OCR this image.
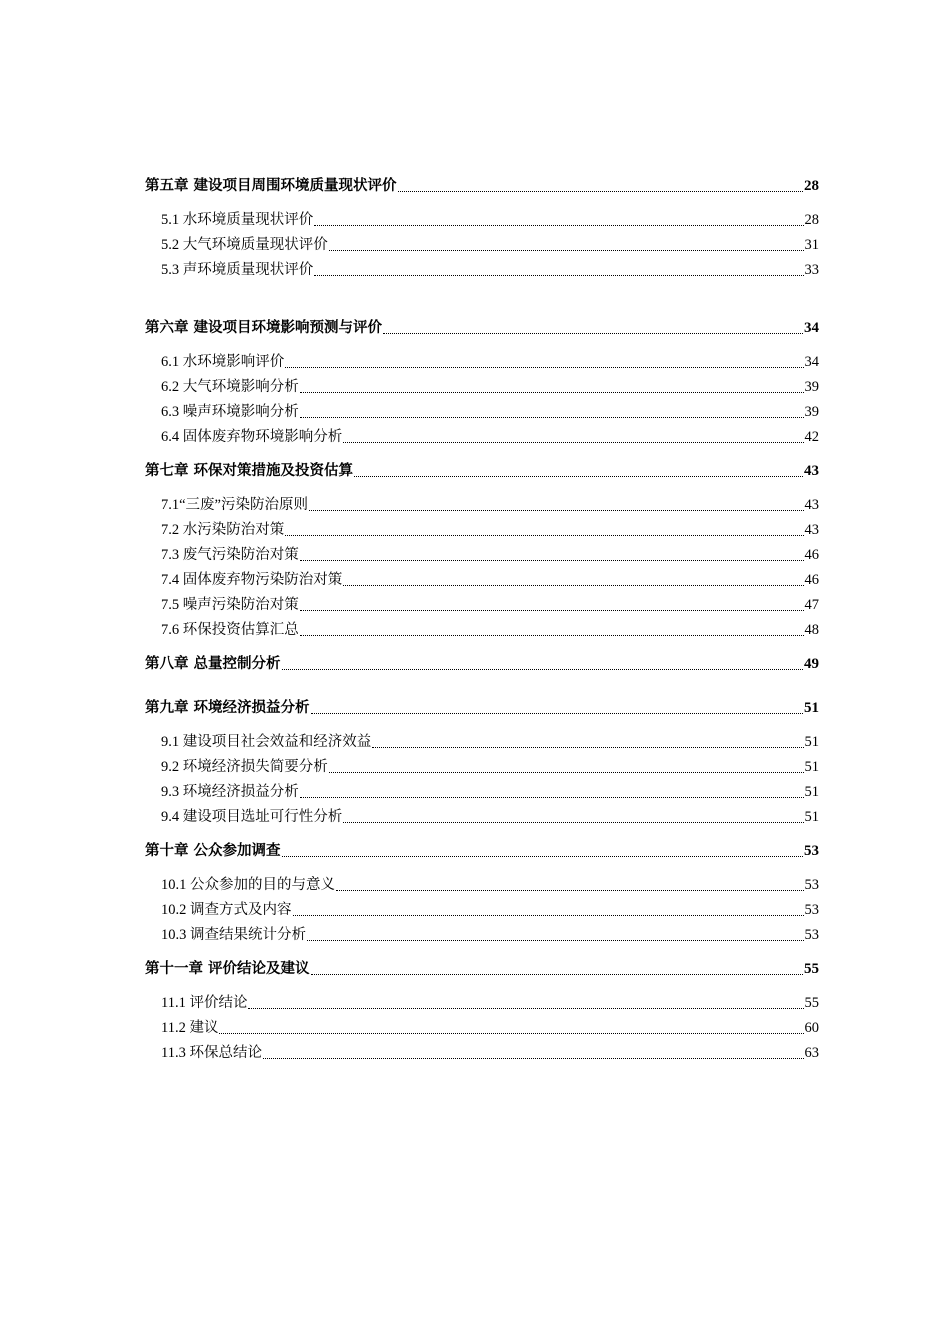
第五章 建设项目周围环境质量现状评价	28
5.1 水环境质量现状评价	28
5.2 大气环境质量现状评价	31
5.3 声环境质量现状评价	33
第六章 建设项目环境影响预测与评价	34
6.1 水环境影响评价	34
6.2 大气环境影响分析	39
6.3 噪声环境影响分析	39
6.4 固体废弃物环境影响分析	42
第七章 环保对策措施及投资估算	43
7.1“三废”污染防治原则	43
7.2 水污染防治对策	43
7.3 废气污染防治对策	46
7.4 固体废弃物污染防治对策	46
7.5 噪声污染防治对策	47
7.6 环保投资估算汇总	48
第八章 总量控制分析	49
第九章 环境经济损益分析	51
9.1 建设项目社会效益和经济效益	51
9.2 环境经济损失简要分析	51
9.3 环境经济损益分析	51
9.4 建设项目选址可行性分析	51
第十章 公众参加调查	53
10.1 公众参加的目的与意义	53
10.2 调查方式及内容	53
10.3 调查结果统计分析	53
第十一章 评价结论及建议	55
11.1 评价结论	55
11.2 建议	60
11.3 环保总结论	63
